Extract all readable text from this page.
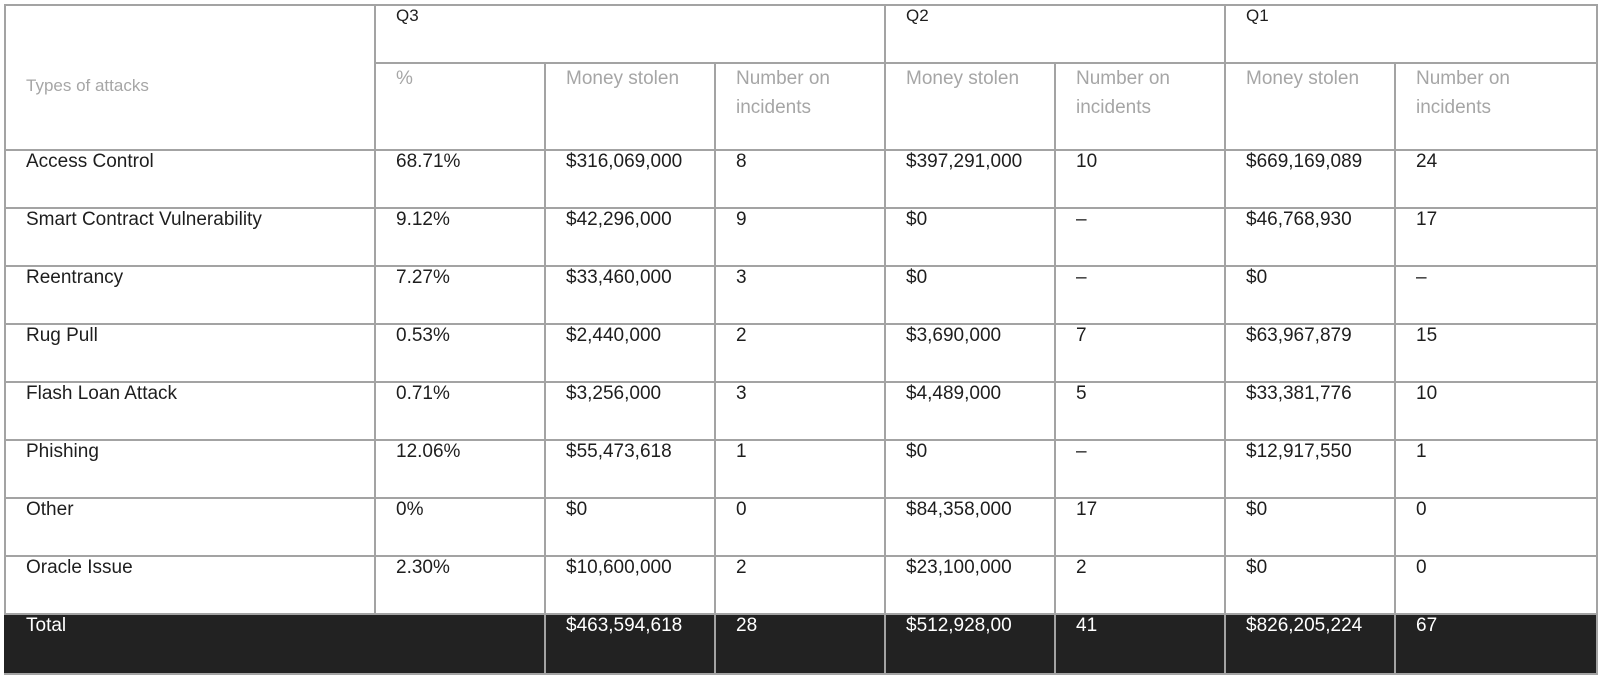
Types of attacks	Q3			Q2		Q1	
	%	Money stolen	Number on incidents	Money stolen	Number on incidents	Money stolen	Number on incidents
Access Control	68.71%	$316,069,000	8	$397,291,000	10	$669,169,089	24
Smart Contract Vulnerability	9.12%	$42,296,000	9	$0	–	$46,768,930	17
Reentrancy	7.27%	$33,460,000	3	$0	–	$0	–
Rug Pull	0.53%	$2,440,000	2	$3,690,000	7	$63,967,879	15
Flash Loan Attack	0.71%	$3,256,000	3	$4,489,000	5	$33,381,776	10
Phishing	12.06%	$55,473,618	1	$0	–	$12,917,550	1
Other	0%	$0	0	$84,358,000	17	$0	0
Oracle Issue	2.30%	$10,600,000	2	$23,100,000	2	$0	0
Total		$463,594,618	28	$512,928,00	41	$826,205,224	67
